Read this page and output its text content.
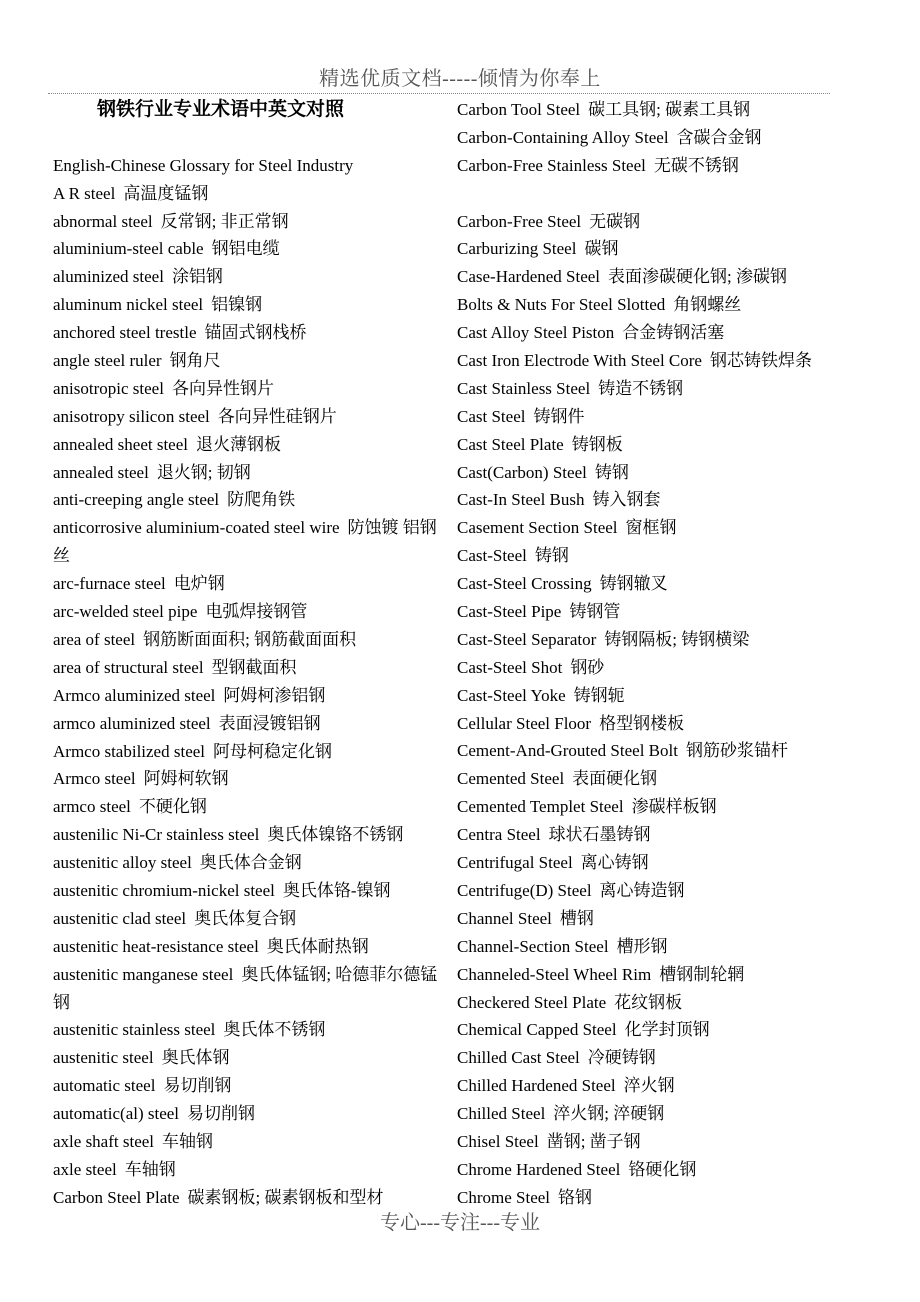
精选优质文档-----倾情为你奉上
钢铁行业专业术语中英文对照
English-Chinese Glossary for Steel Industry
A R steel 高温度锰钢
abnormal steel 反常钢; 非正常钢
aluminium-steel cable 钢铝电缆
aluminized steel 涂铝钢
aluminum nickel steel 铝镍钢
anchored steel trestle 锚固式钢栈桥
angle steel ruler 钢角尺
anisotropic steel 各向异性钢片
anisotropy silicon steel 各向异性硅钢片
annealed sheet steel 退火薄钢板
annealed steel 退火钢; 韧钢
anti-creeping angle steel 防爬角铁
anticorrosive aluminium-coated steel wire 防蚀镀 铝钢丝
arc-furnace steel 电炉钢
arc-welded steel pipe 电弧焊接钢管
area of steel 钢筋断面面积; 钢筋截面面积
area of structural steel 型钢截面积
Armco aluminized steel 阿姆柯渗铝钢
armco aluminized steel 表面浸镀铝钢
Armco stabilized steel 阿母柯稳定化钢
Armco steel 阿姆柯软钢
armco steel 不硬化钢
austenilic Ni-Cr stainless steel 奥氏体镍铬不锈钢
austenitic alloy steel 奥氏体合金钢
austenitic chromium-nickel steel 奥氏体铬-镍钢
austenitic clad steel 奥氏体复合钢
austenitic heat-resistance steel 奥氏体耐热钢
austenitic manganese steel 奥氏体锰钢; 哈德菲尔德锰钢
austenitic stainless steel 奥氏体不锈钢
austenitic steel 奥氏体钢
automatic steel 易切削钢
automatic(al) steel 易切削钢
axle shaft steel 车轴钢
axle steel 车轴钢
Carbon Steel Plate 碳素钢板; 碳素钢板和型材
Carbon Tool Steel 碳工具钢; 碳素工具钢
Carbon-Containing Alloy Steel 含碳合金钢
Carbon-Free Stainless Steel 无碳不锈钢
Carbon-Free Steel 无碳钢
Carburizing Steel 碳钢
Case-Hardened Steel 表面渗碳硬化钢; 渗碳钢
Bolts & Nuts For Steel Slotted 角钢螺丝
Cast Alloy Steel Piston 合金铸钢活塞
Cast Iron Electrode With Steel Core 钢芯铸铁焊条
Cast Stainless Steel 铸造不锈钢
Cast Steel 铸钢件
Cast Steel Plate 铸钢板
Cast(Carbon) Steel 铸钢
Cast-In Steel Bush 铸入钢套
Casement Section Steel 窗框钢
Cast-Steel 铸钢
Cast-Steel Crossing 铸钢辙叉
Cast-Steel Pipe 铸钢管
Cast-Steel Separator 铸钢隔板; 铸钢横梁
Cast-Steel Shot 钢砂
Cast-Steel Yoke 铸钢轭
Cellular Steel Floor 格型钢楼板
Cement-And-Grouted Steel Bolt 钢筋砂浆锚杆
Cemented Steel 表面硬化钢
Cemented Templet Steel 渗碳样板钢
Centra Steel 球状石墨铸钢
Centrifugal Steel 离心铸钢
Centrifuge(D) Steel 离心铸造钢
Channel Steel 槽钢
Channel-Section Steel 槽形钢
Channeled-Steel Wheel Rim 槽钢制轮辋
Checkered Steel Plate 花纹钢板
Chemical Capped Steel 化学封顶钢
Chilled Cast Steel 冷硬铸钢
Chilled Hardened Steel 淬火钢
Chilled Steel 淬火钢; 淬硬钢
Chisel Steel 凿钢; 凿子钢
Chrome Hardened Steel 铬硬化钢
Chrome Steel 铬钢
专心---专注---专业
